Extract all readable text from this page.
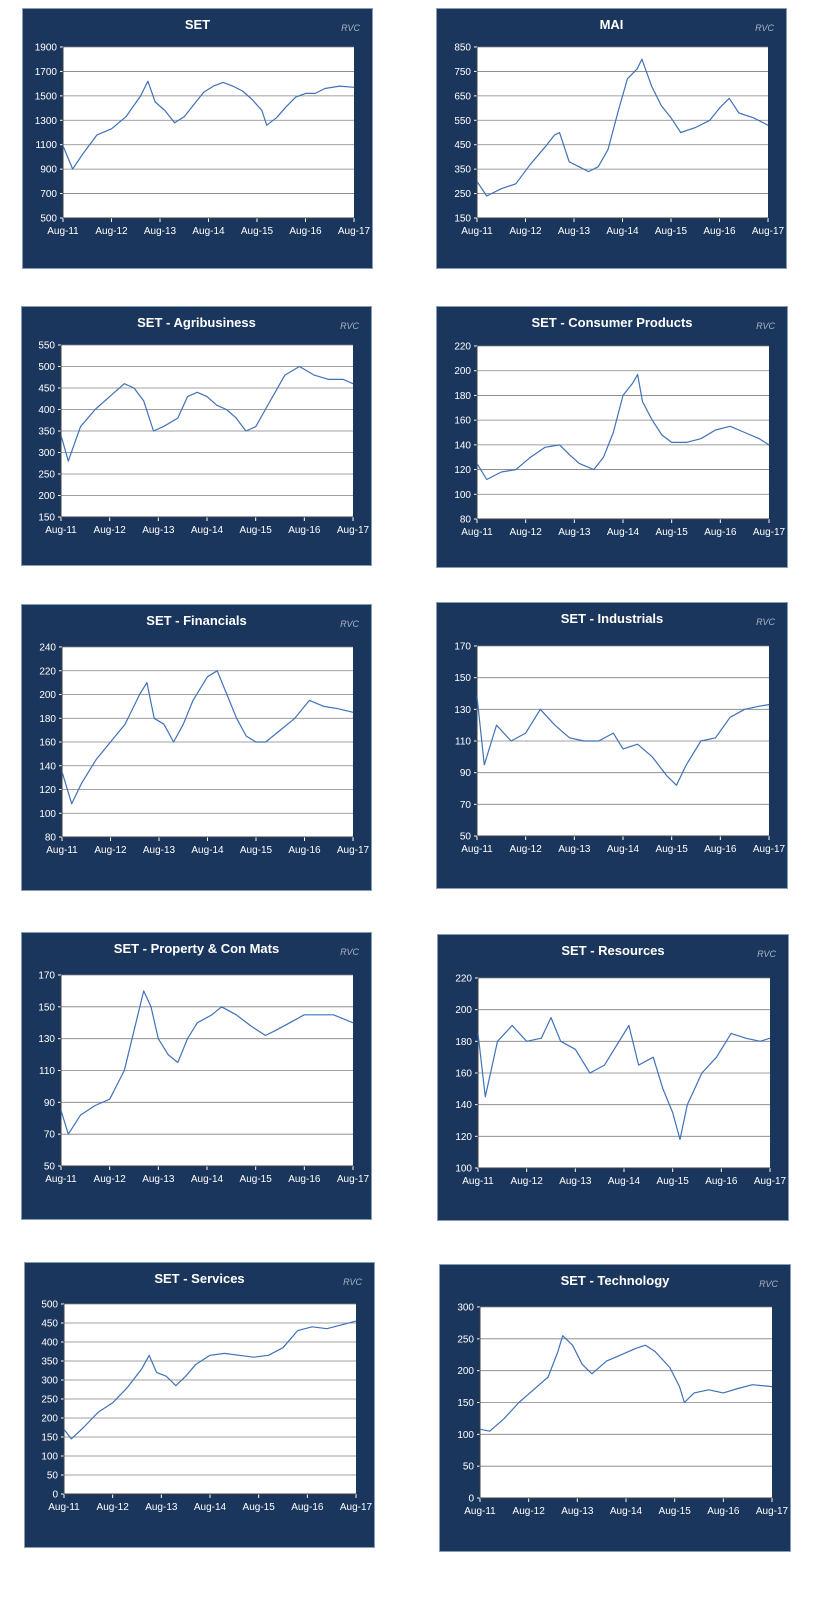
SET	RVC
500
700
900
1100
1300
1500
1700
1900
Aug-11 Aug-12 Aug-13 Aug-14 Aug-15 Aug-16 Aug-17
MAI	RVC
150
250
350
450
550
650
750
850
Aug-11 Aug-12 Aug-13 Aug-14 Aug-15 Aug-16 Aug-17
SET - Agribusiness	RVC
150
200
250
300
350
400
450
500
550
Aug-11 Aug-12 Aug-13 Aug-14 Aug-15 Aug-16 Aug-17
SET - Consumer Products	RVC
80
100
120
140
160
180
200
220
Aug-11 Aug-12 Aug-13 Aug-14 Aug-15 Aug-16 Aug-17
SET - Financials	RVC
80
100
120
140
160
180
200
220
240
Aug-11 Aug-12 Aug-13 Aug-14 Aug-15 Aug-16 Aug-17
SET - Industrials	RVC
50
70
90
110
130
150
170
Aug-11 Aug-12 Aug-13 Aug-14 Aug-15 Aug-16 Aug-17
SET - Property & Con Mats	RVC
50
70
90
110
130
150
170
Aug-11 Aug-12 Aug-13 Aug-14 Aug-15 Aug-16 Aug-17
SET - Resources	RVC
100
120
140
160
180
200
220
Aug-11 Aug-12 Aug-13 Aug-14 Aug-15 Aug-16 Aug-17
SET - Services	RVC
0
50
100
150
200
250
300
350
400
450
500
Aug-11 Aug-12 Aug-13 Aug-14 Aug-15 Aug-16 Aug-17
SET - Technology	RVC
0
50
100
150
200
250
300
Aug-11 Aug-12 Aug-13 Aug-14 Aug-15 Aug-16 Aug-17
